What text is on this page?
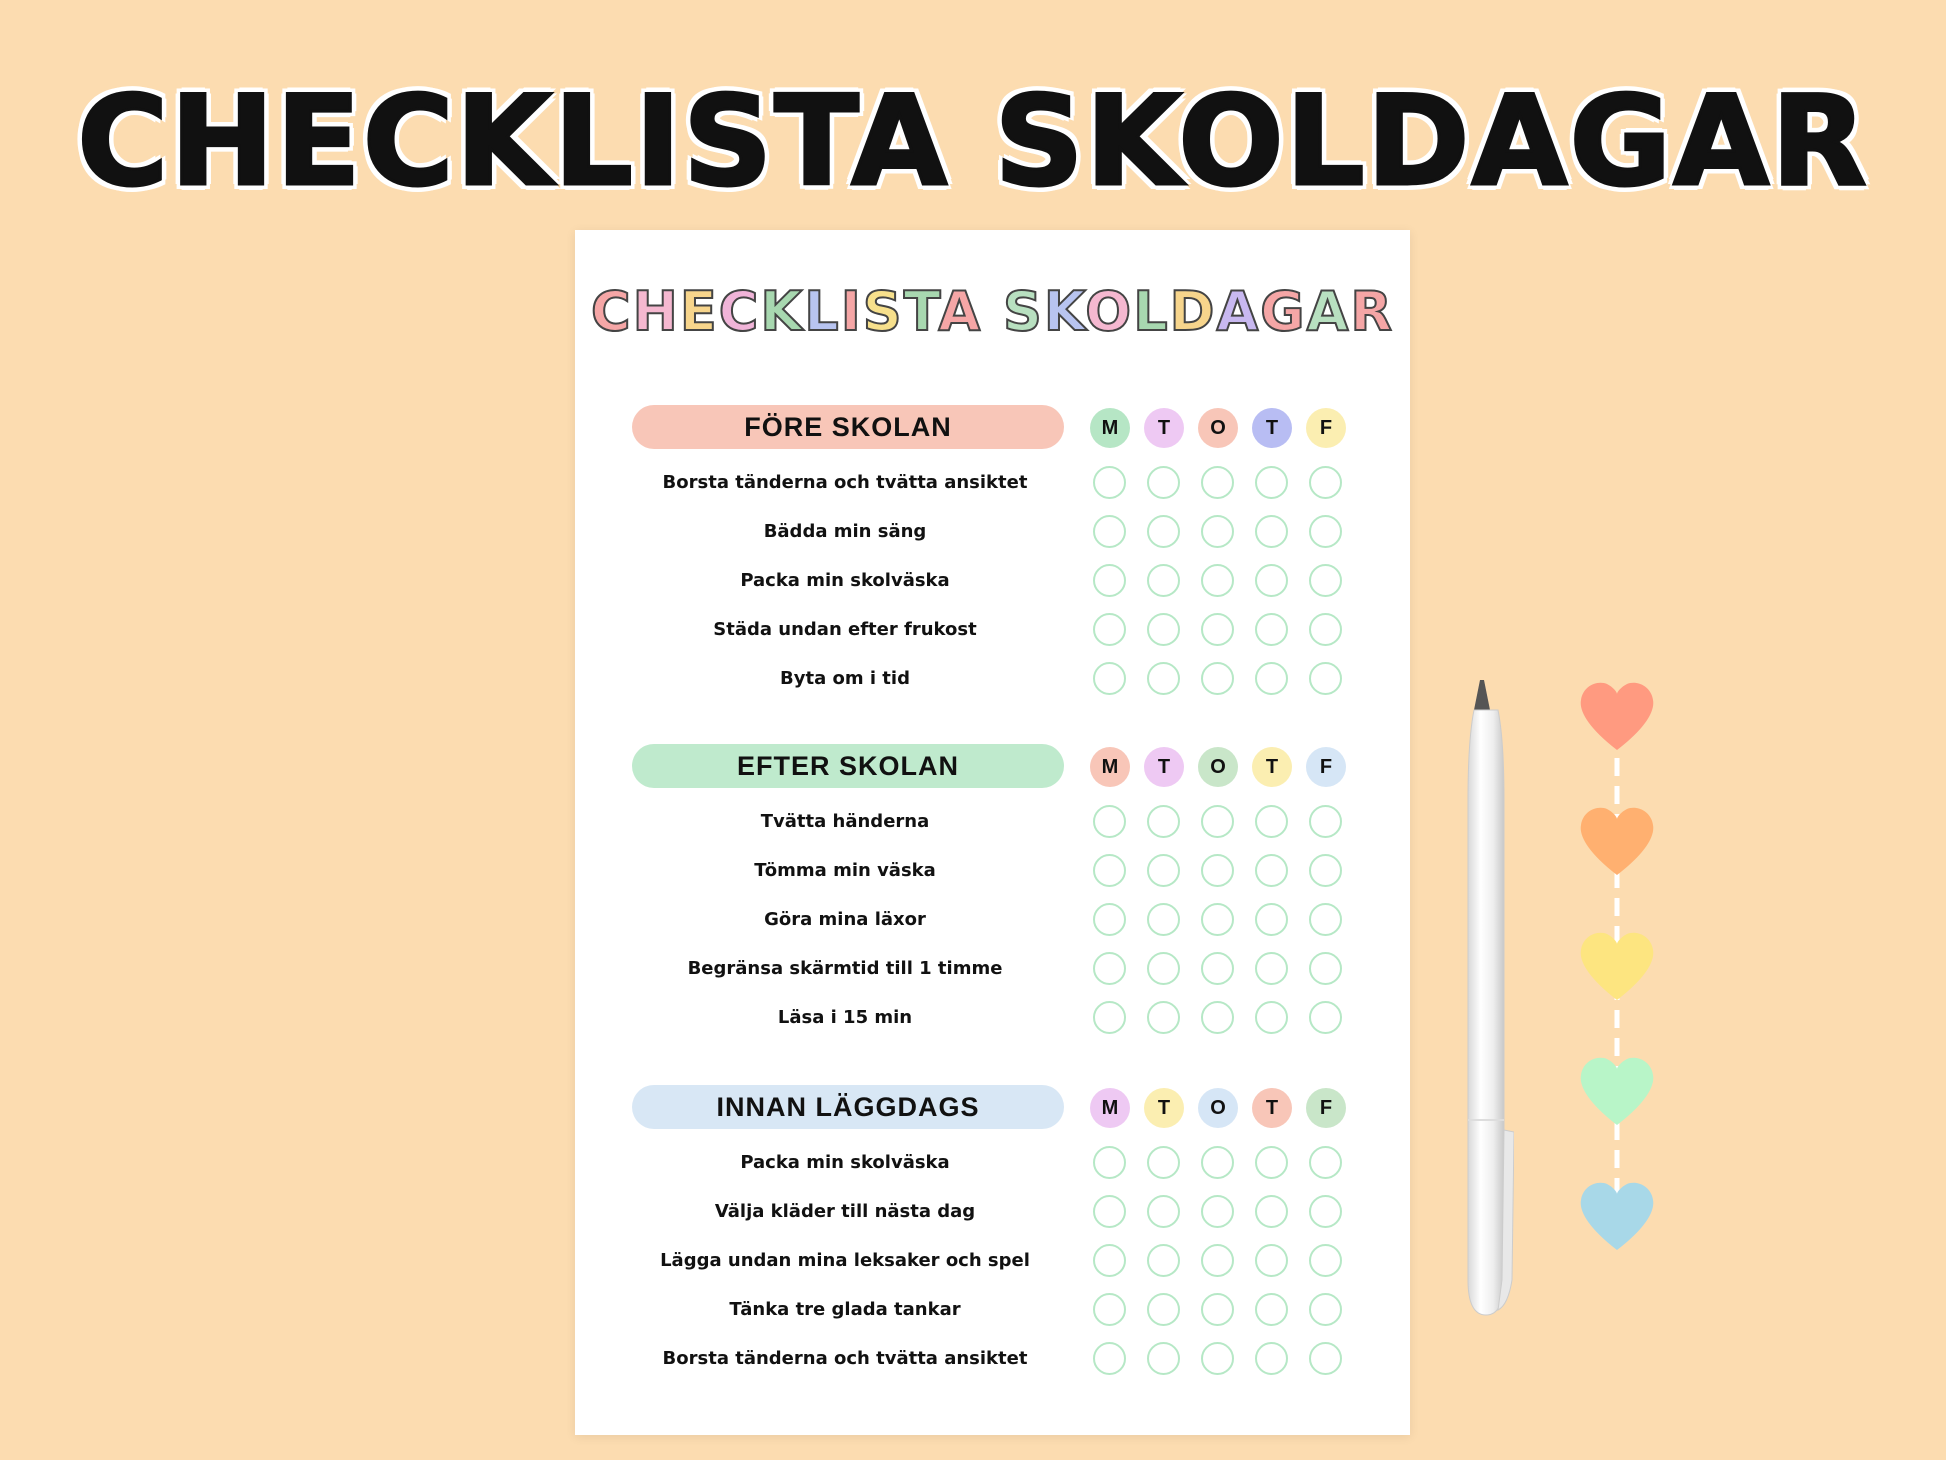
CHECKLISTA SKOLDAGAR
CHECKLISTA SKOLDAGAR
FÖRE SKOLAN	M	T	O	T	F
Borsta tänderna och tvätta ansiktet
Bädda min säng
Packa min skolväska
Städa undan efter frukost
Byta om i tid
EFTER SKOLAN	M	T	O	T	F
Tvätta händerna
Tömma min väska
Göra mina läxor
Begränsa skärmtid till 1 timme
Läsa i 15 min
INNAN LÄGGDAGS	M	T	O	T	F
Packa min skolväska
Välja kläder till nästa dag
Lägga undan mina leksaker och spel
Tänka tre glada tankar
Borsta tänderna och tvätta ansiktet
